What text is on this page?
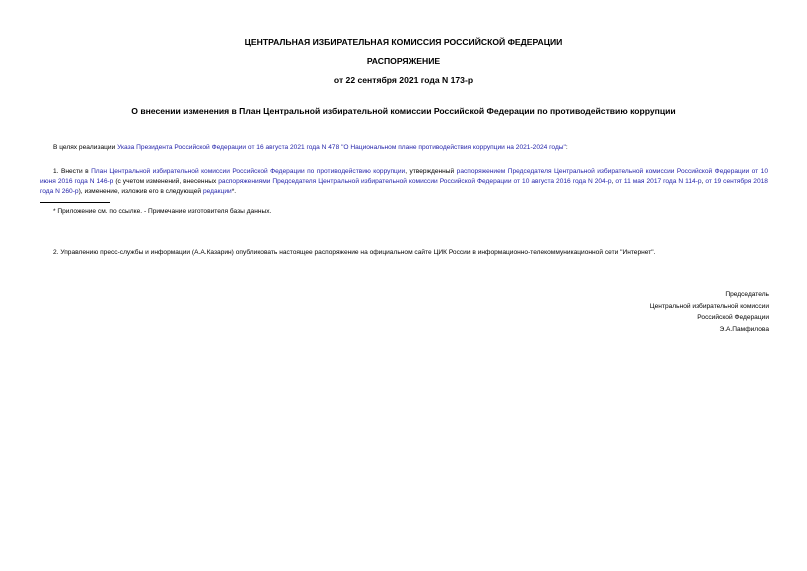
ЦЕНТРАЛЬНАЯ ИЗБИРАТЕЛЬНАЯ КОМИССИЯ РОССИЙСКОЙ ФЕДЕРАЦИИ
РАСПОРЯЖЕНИЕ
от 22 сентября 2021 года N 173-р
О внесении изменения в План Центральной избирательной комиссии Российской Федерации по противодействию коррупции
В целях реализации Указа Президента Российской Федерации от 16 августа 2021 года N 478 "О Национальном плане противодействия коррупции на 2021-2024 годы":
1. Внести в План Центральной избирательной комиссии Российской Федерации по противодействию коррупции, утвержденный распоряжением Председателя Центральной избирательной комиссии Российской Федерации от 10 июня 2016 года N 146-р (с учетом изменений, внесенных распоряжениями Председателя Центральной избирательной комиссии Российской Федерации от 10 августа 2016 года N 204-р, от 11 мая 2017 года N 114-р, от 19 сентября 2018 года N 260-р), изменение, изложив его в следующей редакции*.
* Приложение см. по ссылке. - Примечание изготовителя базы данных.
2. Управлению пресс-службы и информации (А.А.Казарин) опубликовать настоящее распоряжение на официальном сайте ЦИК России в информационно-телекоммуникационной сети "Интернет".
Председатель
Центральной избирательной комиссии
Российской Федерации
Э.А.Памфилова
